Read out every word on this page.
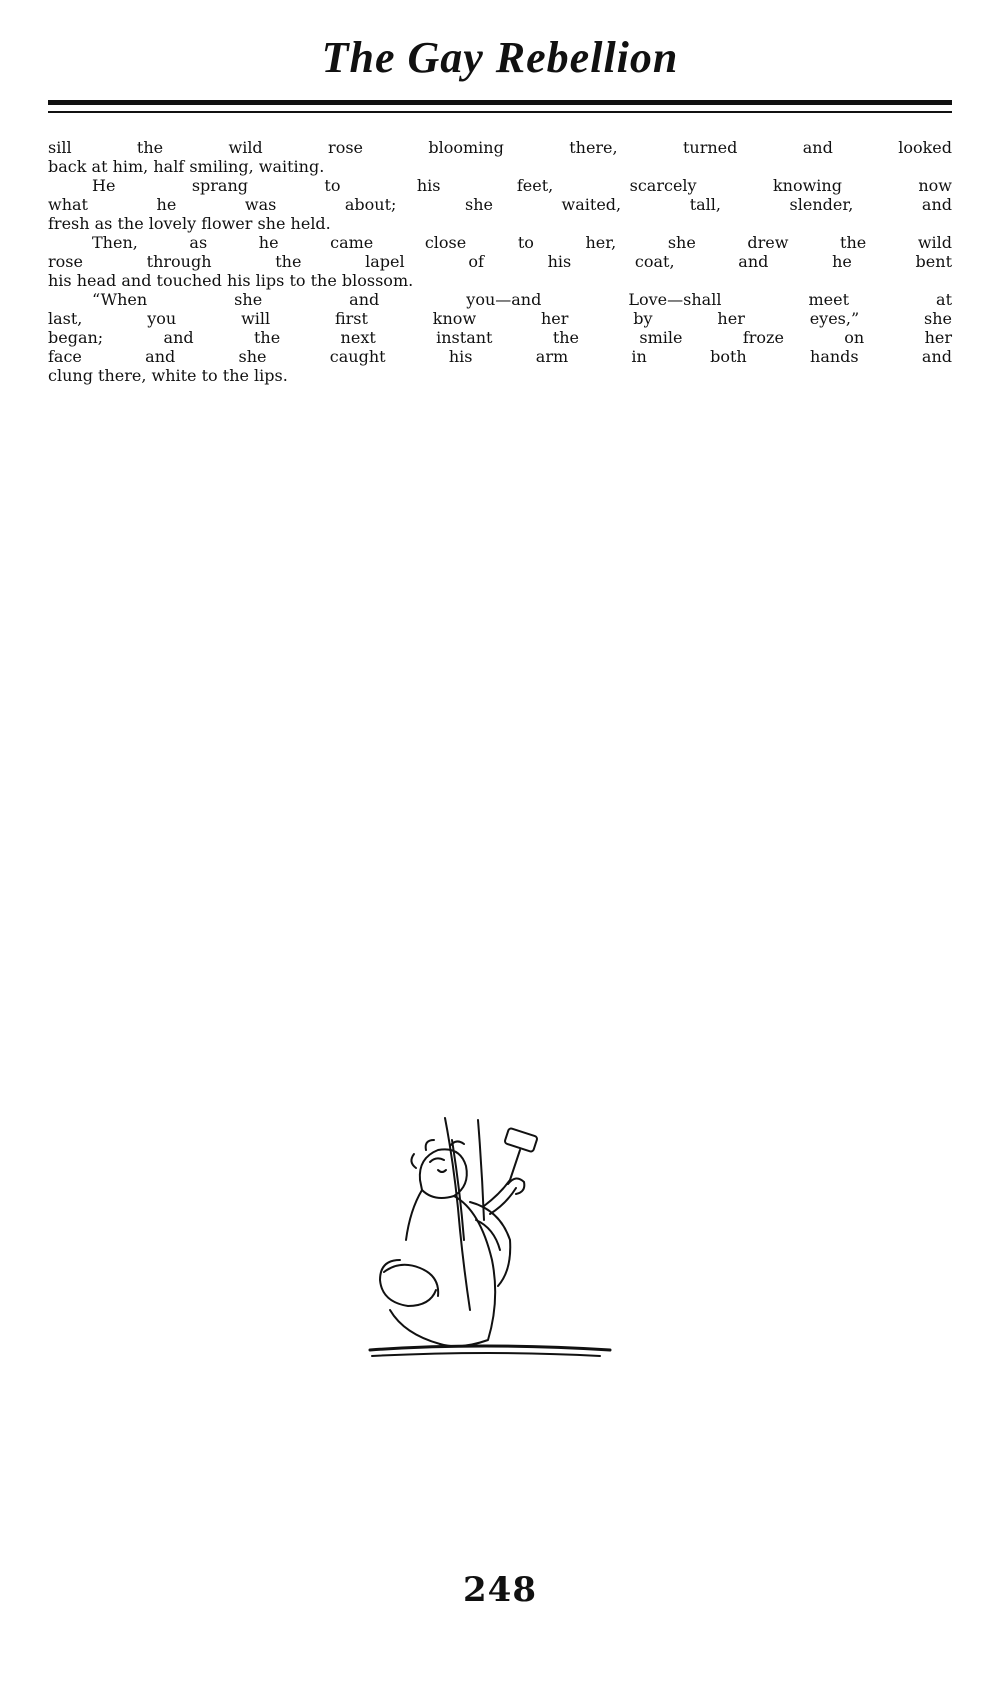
The Gay Rebellion
sill the wild rose blooming there, turned and looked
back at him, half smiling, waiting.
He sprang to his feet, scarcely knowing now
what he was about; she waited, tall, slender, and
fresh as the lovely flower she held.
Then, as he came close to her, she drew the wild
rose through the lapel of his coat, and he bent
his head and touched his lips to the blossom.
“When she and you—and Love—shall meet at
last, you will first know her by her eyes,” she
began; and the next instant the smile froze on her
face and she caught his arm in both hands and
clung there, white to the lips.
248
